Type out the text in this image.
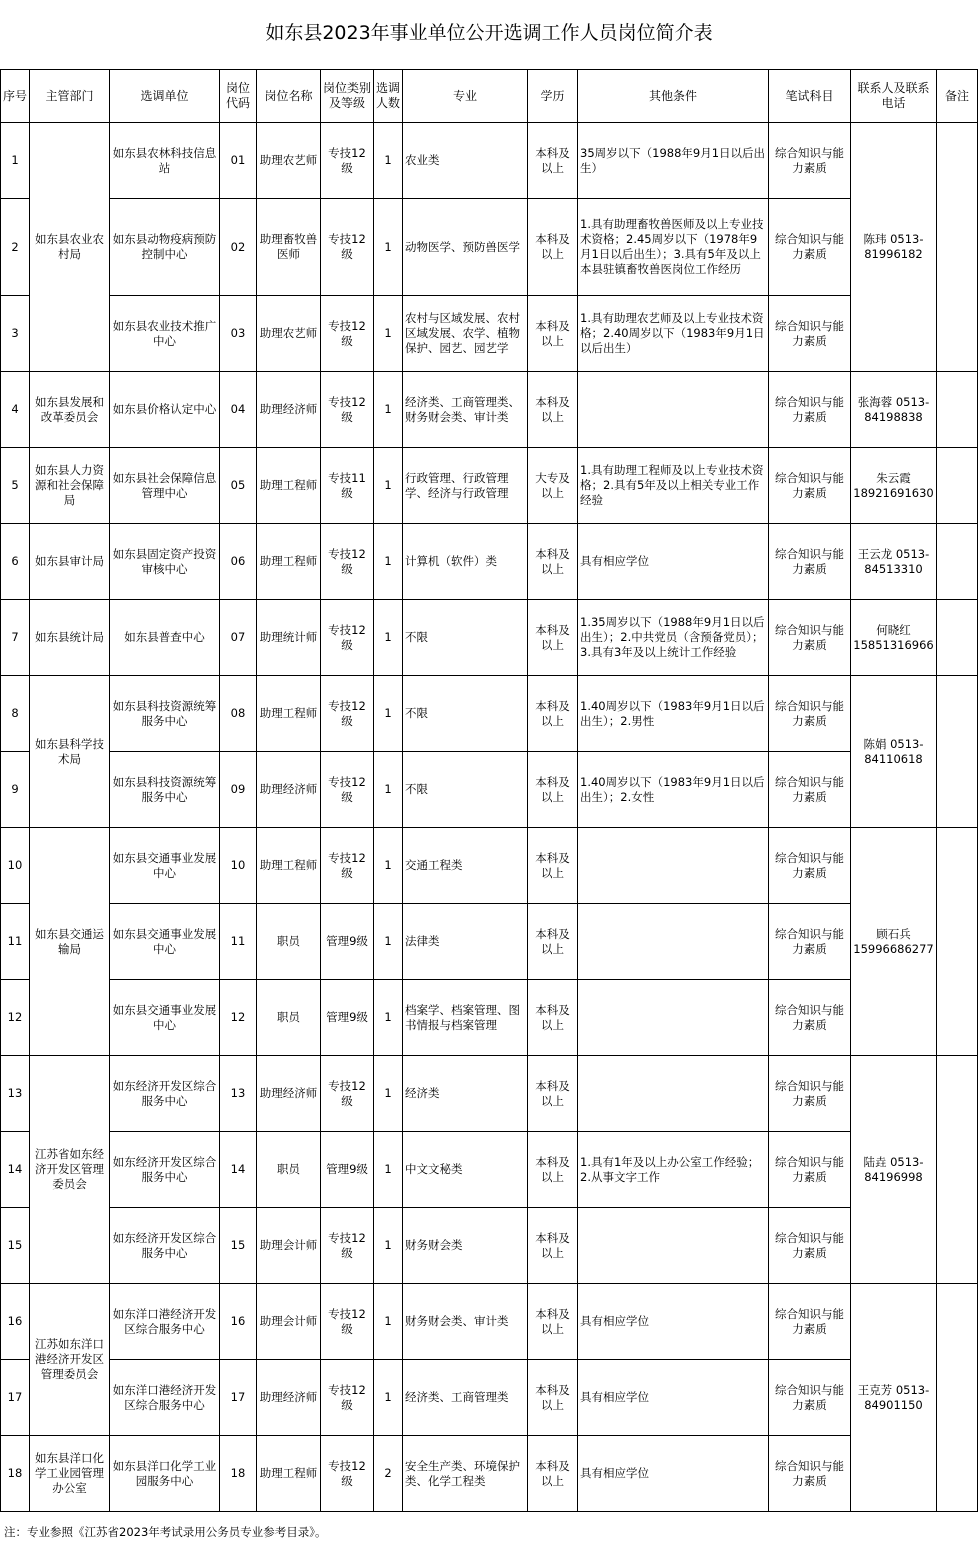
如东县2023年事业单位公开选调工作人员岗位简介表
序号	主管部门	选调单位	岗位代码	岗位名称	岗位类别及等级	选调人数	专业	学历	其他条件	笔试科目	联系人及联系电话	备注
1	如东县农业农村局	如东县农林科技信息站	01	助理农艺师	专技12级	1	农业类	本科及以上	35周岁以下（1988年9月1日以后出生）	综合知识与能力素质	陈玮 0513-81996182	
2		如东县动物疫病预防控制中心	02	助理畜牧兽医师	专技12级	1	动物医学、预防兽医学	本科及以上	1.具有助理畜牧兽医师及以上专业技术资格；2.45周岁以下（1978年9月1日以后出生）；3.具有5年及以上本县驻镇畜牧兽医岗位工作经历	综合知识与能力素质		
3		如东县农业技术推广中心	03	助理农艺师	专技12级	1	农村与区域发展、农村区域发展、农学、植物保护、园艺、园艺学	本科及以上	1.具有助理农艺师及以上专业技术资格；2.40周岁以下（1983年9月1日以后出生）	综合知识与能力素质		
4	如东县发展和改革委员会	如东县价格认定中心	04	助理经济师	专技12级	1	经济类、工商管理类、财务财会类、审计类	本科及以上		综合知识与能力素质	张海蓉 0513-84198838	
5	如东县人力资源和社会保障局	如东县社会保障信息管理中心	05	助理工程师	专技11级	1	行政管理、行政管理学、经济与行政管理	大专及以上	1.具有助理工程师及以上专业技术资格；2.具有5年及以上相关专业工作经验	综合知识与能力素质	朱云霞 18921691630	
6	如东县审计局	如东县固定资产投资审核中心	06	助理工程师	专技12级	1	计算机（软件）类	本科及以上	具有相应学位	综合知识与能力素质	王云龙 0513-84513310	
7	如东县统计局	如东县普查中心	07	助理统计师	专技12级	1	不限	本科及以上	1.35周岁以下（1988年9月1日以后出生）；2.中共党员（含预备党员）；3.具有3年及以上统计工作经验	综合知识与能力素质	何晓红 15851316966	
8	如东县科学技术局	如东县科技资源统筹服务中心	08	助理工程师	专技12级	1	不限	本科及以上	1.40周岁以下（1983年9月1日以后出生）；2.男性	综合知识与能力素质	陈娟 0513-84110618	
9		如东县科技资源统筹服务中心	09	助理经济师	专技12级	1	不限	本科及以上	1.40周岁以下（1983年9月1日以后出生）；2.女性	综合知识与能力素质		
10	如东县交通运输局	如东县交通事业发展中心	10	助理工程师	专技12级	1	交通工程类	本科及以上		综合知识与能力素质	顾石兵 15996686277	
11		如东县交通事业发展中心	11	职员	管理9级	1	法律类	本科及以上		综合知识与能力素质		
12		如东县交通事业发展中心	12	职员	管理9级	1	档案学、档案管理、图书情报与档案管理	本科及以上		综合知识与能力素质		
13	江苏省如东经济开发区管理委员会	如东经济开发区综合服务中心	13	助理经济师	专技12级	1	经济类	本科及以上		综合知识与能力素质	陆垚 0513-84196998	
14		如东经济开发区综合服务中心	14	职员	管理9级	1	中文文秘类	本科及以上	1.具有1年及以上办公室工作经验；2.从事文字工作	综合知识与能力素质		
15		如东经济开发区综合服务中心	15	助理会计师	专技12级	1	财务财会类	本科及以上		综合知识与能力素质		
16	江苏如东洋口港经济开发区管理委员会	如东洋口港经济开发区综合服务中心	16	助理会计师	专技12级	1	财务财会类、审计类	本科及以上	具有相应学位	综合知识与能力素质	王克芳 0513-84901150	
17		如东洋口港经济开发区综合服务中心	17	助理经济师	专技12级	1	经济类、工商管理类	本科及以上	具有相应学位	综合知识与能力素质		
18	如东县洋口化学工业园管理办公室	如东县洋口化学工业园服务中心	18	助理工程师	专技12级	2	安全生产类、环境保护类、化学工程类	本科及以上	具有相应学位	综合知识与能力素质		
注：专业参照《江苏省2023年考试录用公务员专业参考目录》。
